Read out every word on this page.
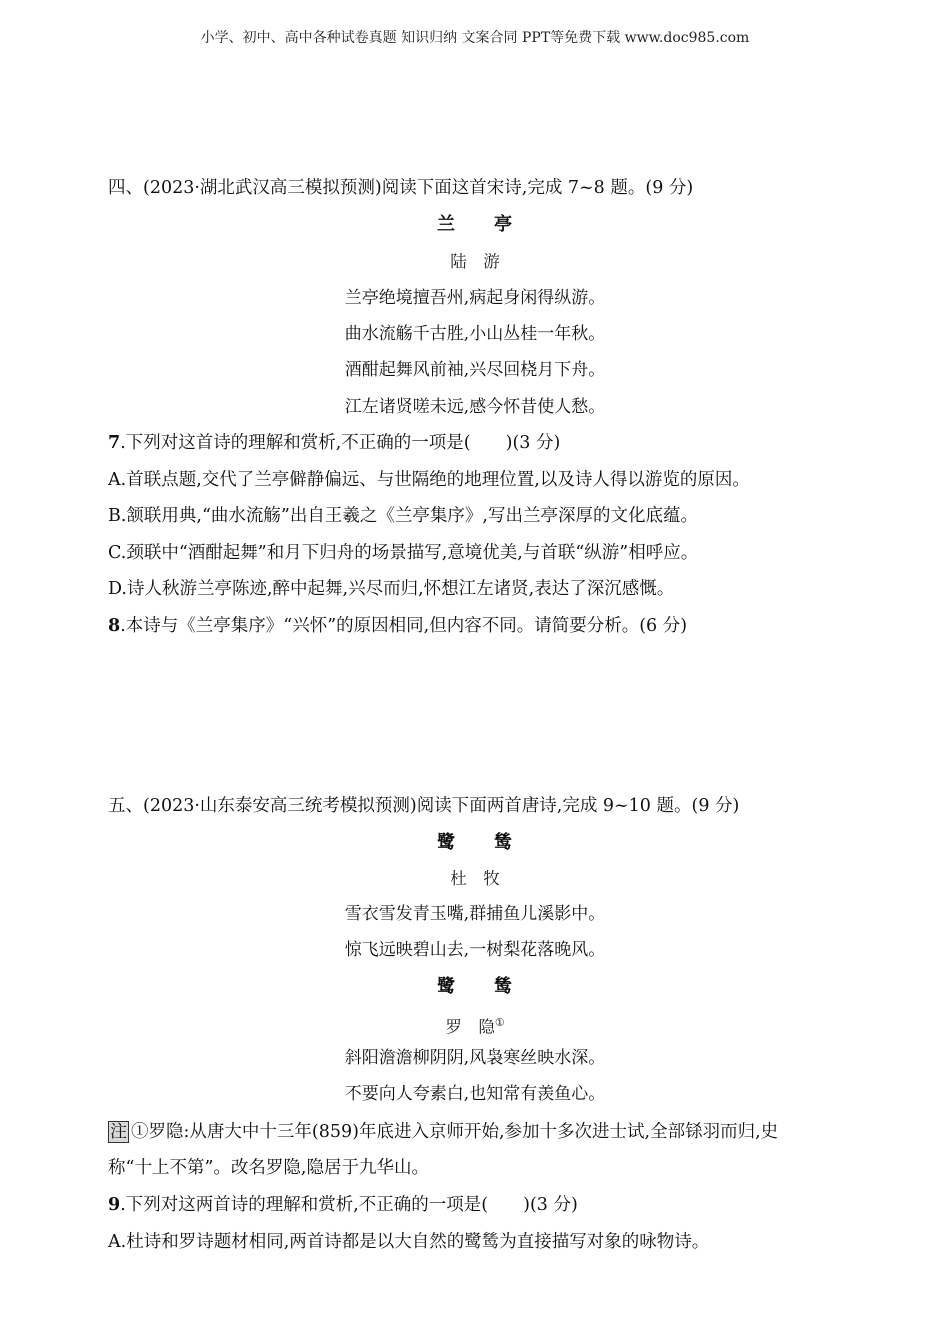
小学、初中、高中各种试卷真题 知识归纳 文案合同 PPT等免费下载 www.doc985.com
四、(2023·湖北武汉高三模拟预测)阅读下面这首宋诗,完成 7~8 题。(9 分)
兰　　亭
陆　游
兰亭绝境擅吾州,病起身闲得纵游。
曲水流觞千古胜,小山丛桂一年秋。
酒酣起舞风前袖,兴尽回桡月下舟。
江左诸贤嗟未远,感今怀昔使人愁。
7.下列对这首诗的理解和赏析,不正确的一项是(　　)(3 分)
A.首联点题,交代了兰亭僻静偏远、与世隔绝的地理位置,以及诗人得以游览的原因。
B.颔联用典,“曲水流觞”出自王羲之《兰亭集序》,写出兰亭深厚的文化底蕴。
C.颈联中“酒酣起舞”和月下归舟的场景描写,意境优美,与首联“纵游”相呼应。
D.诗人秋游兰亭陈迹,醉中起舞,兴尽而归,怀想江左诸贤,表达了深沉感慨。
8.本诗与《兰亭集序》“兴怀”的原因相同,但内容不同。请简要分析。(6 分)
五、(2023·山东泰安高三统考模拟预测)阅读下面两首唐诗,完成 9~10 题。(9 分)
鹭　　鸶
杜　牧
雪衣雪发青玉嘴,群捕鱼儿溪影中。
惊飞远映碧山去,一树梨花落晚风。
鹭　　鸶
罗　隐①
斜阳澹澹柳阴阴,风袅寒丝映水深。
不要向人夸素白,也知常有羡鱼心。
注 ①罗隐:从唐大中十三年(859)年底进入京师开始,参加十多次进士试,全部铩羽而归,史
称“十上不第”。改名罗隐,隐居于九华山。
9.下列对这两首诗的理解和赏析,不正确的一项是(　　)(3 分)
A.杜诗和罗诗题材相同,两首诗都是以大自然的鹭鸶为直接描写对象的咏物诗。
